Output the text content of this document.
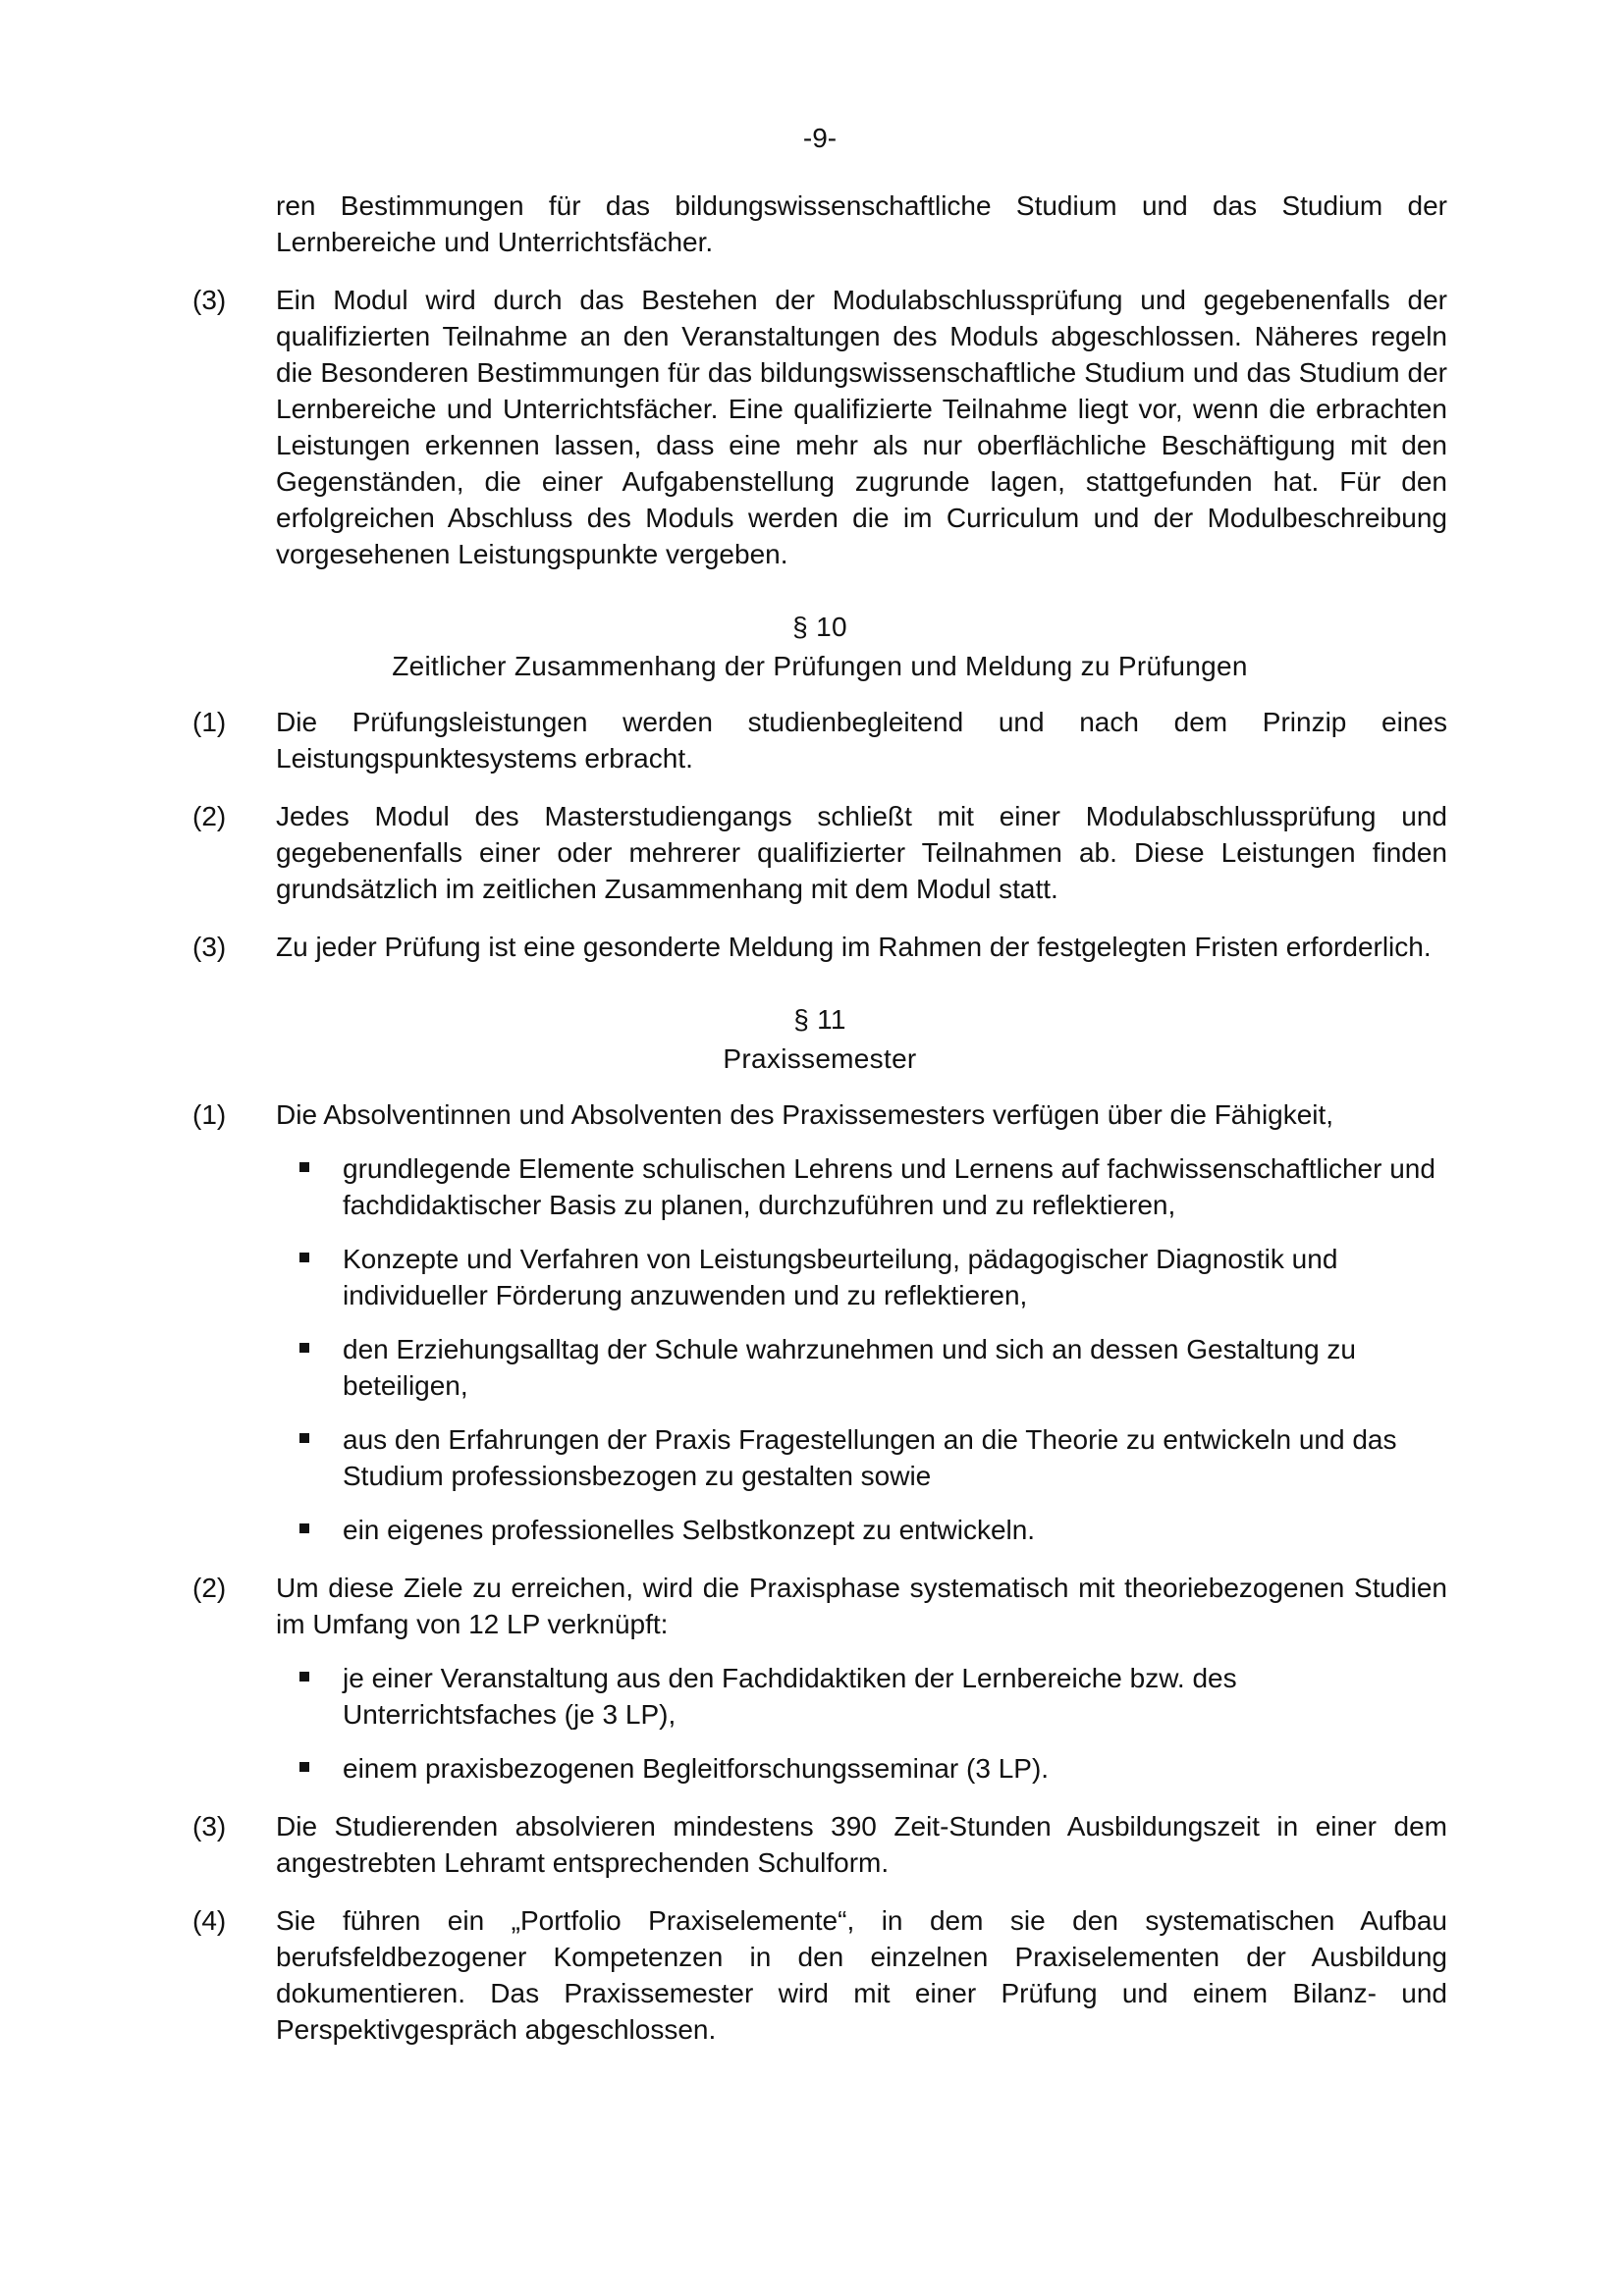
-9-
ren Bestimmungen für das bildungswissenschaftliche Studium und das Studium der Lernbereiche und Unterrichtsfächer.
(3)	Ein Modul wird durch das Bestehen der Modulabschlussprüfung und gegebenenfalls der qualifizierten Teilnahme an den Veranstaltungen des Moduls abgeschlossen. Näheres regeln die Besonderen Bestimmungen für das bildungswissenschaftliche Studium und das Studium der Lernbereiche und Unterrichtsfächer. Eine qualifizierte Teilnahme liegt vor, wenn die erbrachten Leistungen erkennen lassen, dass eine mehr als nur oberflächliche Beschäftigung mit den Gegenständen, die einer Aufgabenstellung zugrunde lagen, stattgefunden hat. Für den erfolgreichen Abschluss des Moduls werden die im Curriculum und der Modulbeschreibung vorgesehenen Leistungspunkte vergeben.
§ 10
Zeitlicher Zusammenhang der Prüfungen und Meldung zu Prüfungen
(1)	Die Prüfungsleistungen werden studienbegleitend und nach dem Prinzip eines Leistungspunktesystems erbracht.
(2)	Jedes Modul des Masterstudiengangs schließt mit einer Modulabschlussprüfung und gegebenenfalls einer oder mehrerer qualifizierter Teilnahmen ab. Diese Leistungen finden grundsätzlich im zeitlichen Zusammenhang mit dem Modul statt.
(3)	Zu jeder Prüfung ist eine gesonderte Meldung im Rahmen der festgelegten Fristen erforderlich.
§ 11
Praxissemester
(1)	Die Absolventinnen und Absolventen des Praxissemesters verfügen über die Fähigkeit,
grundlegende Elemente schulischen Lehrens und Lernens auf fachwissenschaftlicher und fachdidaktischer Basis zu planen, durchzuführen und zu reflektieren,
Konzepte und Verfahren von Leistungsbeurteilung, pädagogischer Diagnostik und individueller Förderung anzuwenden und zu reflektieren,
den Erziehungsalltag der Schule wahrzunehmen und sich an dessen Gestaltung zu beteiligen,
aus den Erfahrungen der Praxis Fragestellungen an die Theorie zu entwickeln und das Studium professionsbezogen zu gestalten sowie
ein eigenes professionelles Selbstkonzept zu entwickeln.
(2)	Um diese Ziele zu erreichen, wird die Praxisphase systematisch mit theoriebezogenen Studien im Umfang von 12 LP verknüpft:
je einer Veranstaltung aus den Fachdidaktiken der Lernbereiche bzw. des Unterrichtsfaches (je 3 LP),
einem praxisbezogenen Begleitforschungsseminar (3 LP).
(3)	Die Studierenden absolvieren mindestens 390 Zeit-Stunden Ausbildungszeit in einer dem angestrebten Lehramt entsprechenden Schulform.
(4)	Sie führen ein „Portfolio Praxiselemente“, in dem sie den systematischen Aufbau berufsfeldbezogener Kompetenzen in den einzelnen Praxiselementen der Ausbildung dokumentieren. Das Praxissemester wird mit einer Prüfung und einem Bilanz- und Perspektivgespräch abgeschlossen.
